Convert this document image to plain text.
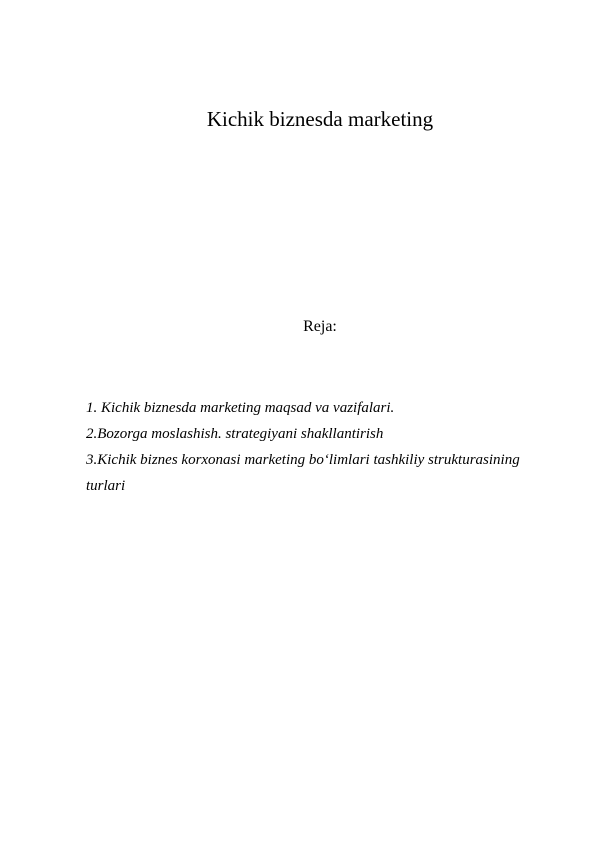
Kichik biznesda marketing
Reja:
1. Kichik biznesda marketing maqsad va vazifalari.
2.Bozorga moslashish. strategiyani shakllantirish
3.Kichik biznes korxonasi marketing bo‘limlari tashkiliy strukturasining turlari
